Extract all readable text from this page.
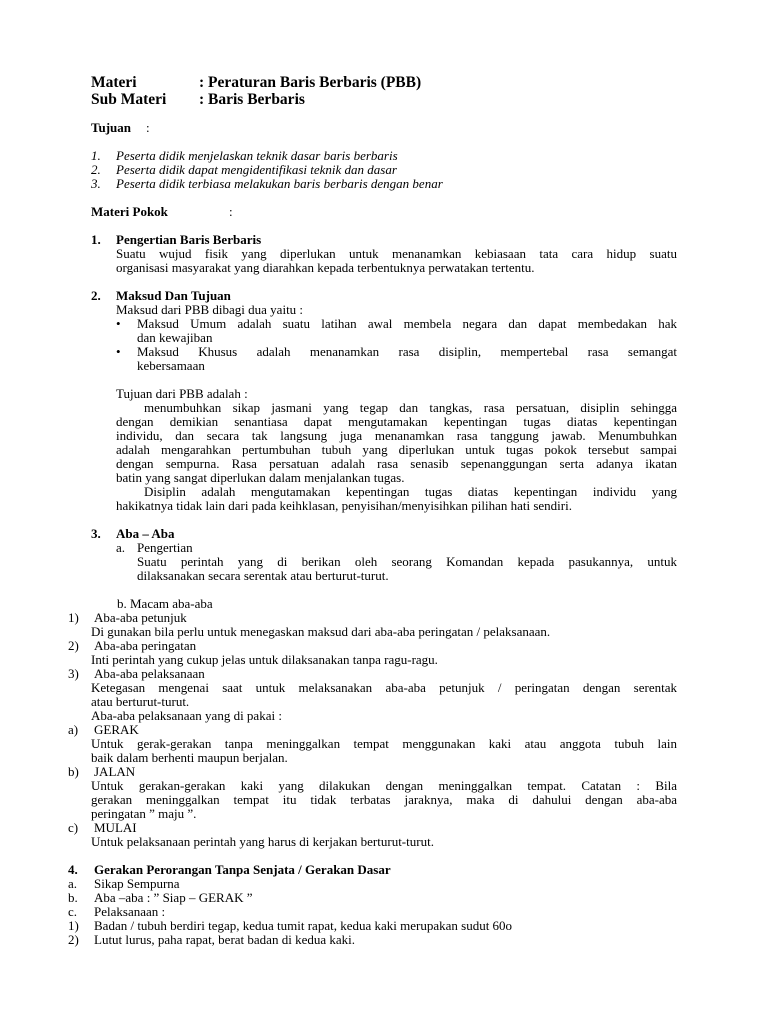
Materi	: Peraturan Baris Berbaris (PBB)
Sub Materi : Baris Berbaris
Tujuan :
1. Peserta didik menjelaskan teknik dasar baris berbaris
2. Peserta didik dapat mengidentifikasi teknik dan dasar
3. Peserta didik terbiasa melakukan baris berbaris dengan benar
Materi Pokok	:
1. Pengertian Baris Berbaris
Suatu wujud fisik yang diperlukan untuk menanamkan kebiasaan tata cara hidup suatu
organisasi masyarakat yang diarahkan kepada terbentuknya perwatakan tertentu.
2. Maksud Dan Tujuan
Maksud dari PBB dibagi dua yaitu :
• Maksud Umum adalah suatu latihan awal membela negara dan dapat membedakan hak
dan kewajiban
• Maksud Khusus adalah menanamkan rasa disiplin, mempertebal rasa semangat
kebersamaan
Tujuan dari PBB adalah :
menumbuhkan sikap jasmani yang tegap dan tangkas, rasa persatuan, disiplin sehingga
dengan demikian senantiasa dapat mengutamakan kepentingan tugas diatas kepentingan
individu, dan secara tak langsung juga menanamkan rasa tanggung jawab. Menumbuhkan
adalah mengarahkan pertumbuhan tubuh yang diperlukan untuk tugas pokok tersebut sampai
dengan sempurna. Rasa persatuan adalah rasa senasib sepenanggungan serta adanya ikatan
batin yang sangat diperlukan dalam menjalankan tugas.
Disiplin adalah mengutamakan kepentingan tugas diatas kepentingan individu yang
hakikatnya tidak lain dari pada keihklasan, penyisihan/menyisihkan pilihan hati sendiri.
3. Aba – Aba
a. Pengertian
Suatu perintah yang di berikan oleh seorang Komandan kepada pasukannya, untuk
dilaksanakan secara serentak atau berturut-turut.
b. Macam aba-aba
1) Aba-aba petunjuk
Di gunakan bila perlu untuk menegaskan maksud dari aba-aba peringatan / pelaksanaan.
2) Aba-aba peringatan
Inti perintah yang cukup jelas untuk dilaksanakan tanpa ragu-ragu.
3) Aba-aba pelaksanaan
Ketegasan mengenai saat untuk melaksanakan aba-aba petunjuk / peringatan dengan serentak
atau berturut-turut.
Aba-aba pelaksanaan yang di pakai :
a) GERAK
Untuk gerak-gerakan tanpa meninggalkan tempat menggunakan kaki atau anggota tubuh lain
baik dalam berhenti maupun berjalan.
b) JALAN
Untuk gerakan-gerakan kaki yang dilakukan dengan meninggalkan tempat. Catatan : Bila
gerakan meninggalkan tempat itu tidak terbatas jaraknya, maka di dahului dengan aba-aba
peringatan ” maju ”.
c) MULAI
Untuk pelaksanaan perintah yang harus di kerjakan berturut-turut.
4. Gerakan Perorangan Tanpa Senjata / Gerakan Dasar
a. Sikap Sempurna
b. Aba –aba : ” Siap – GERAK ”
c. Pelaksanaan :
1) Badan / tubuh berdiri tegap, kedua tumit rapat, kedua kaki merupakan sudut 60o
2) Lutut lurus, paha rapat, berat badan di kedua kaki.
